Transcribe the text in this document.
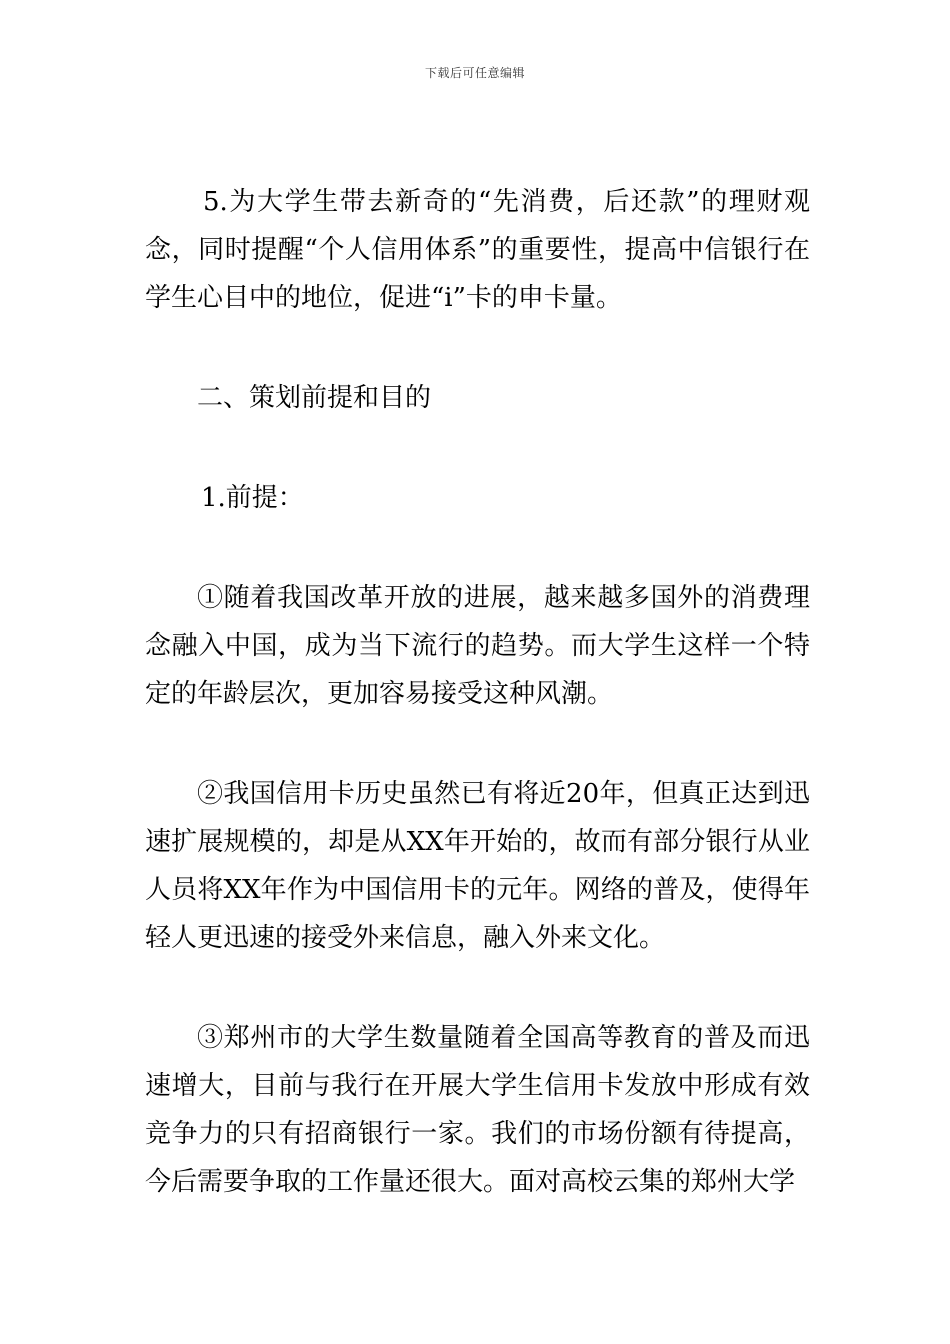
下载后可任意编辑

5.为大学生带去新奇的“先消费，后还款”的理财观念，同时提醒“个人信用体系”的重要性，提高中信银行在学生心目中的地位，促进“i”卡的申卡量。

二、策划前提和目的

1.前提：

①随着我国改革开放的进展，越来越多国外的消费理念融入中国，成为当下流行的趋势。而大学生这样一个特定的年龄层次，更加容易接受这种风潮。

②我国信用卡历史虽然已有将近20年，但真正达到迅速扩展规模的，却是从XX年开始的，故而有部分银行从业人员将XX年作为中国信用卡的元年。网络的普及，使得年轻人更迅速的接受外来信息，融入外来文化。

③郑州市的大学生数量随着全国高等教育的普及而迅速增大，目前与我行在开展大学生信用卡发放中形成有效竞争力的只有招商银行一家。我们的市场份额有待提高，今后需要争取的工作量还很大。面对高校云集的郑州大学
